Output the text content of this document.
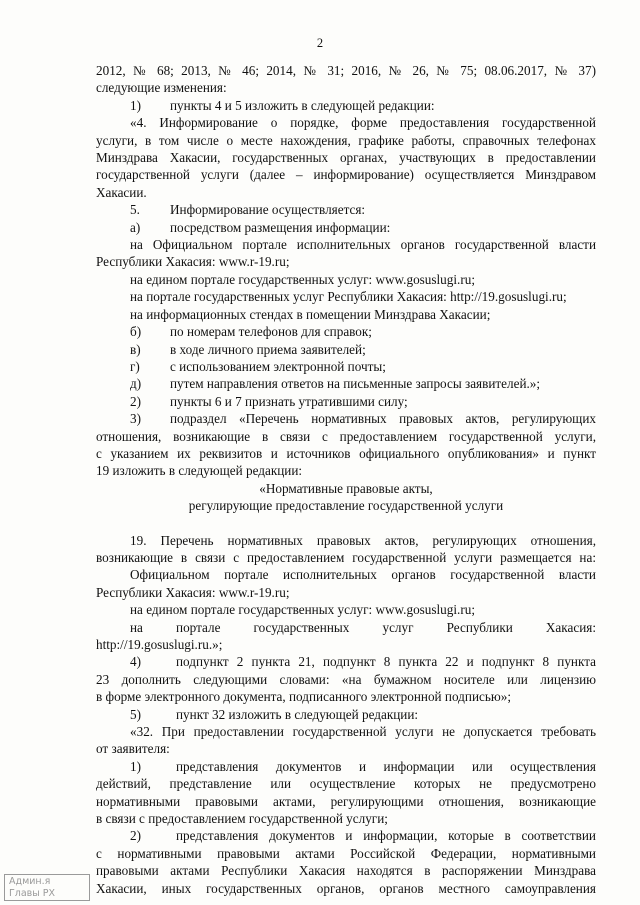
2

2012, № 68; 2013, № 46; 2014, № 31; 2016, № 26, № 75; 08.06.2017, № 37)

следующие изменения:

1)	пункты 4 и 5 изложить в следующей редакции:

«4. Информирование о порядке, форме предоставления государственной

услуги, в том числе о месте нахождения, графике работы, справочных телефонах

Минздрава Хакасии, государственных органах, участвующих в предоставлении

государственной услуги (далее – информирование) осуществляется Минздравом

Хакасии.

5.	Информирование осуществляется:

а)	посредством размещения информации:

на Официальном портале исполнительных органов государственной власти

Республики Хакасия: www.r-19.ru;

на едином портале государственных услуг: www.gosuslugi.ru;

на портале государственных услуг Республики Хакасия: http://19.gosuslugi.ru;

на информационных стендах в помещении Минздрава Хакасии;

б)	по номерам телефонов для справок;

в)	в ходе личного приема заявителей;

г)	с использованием электронной почты;

д)	путем направления ответов на письменные запросы заявителей.»;

2)	пункты 6 и 7 признать утратившими силу;

3)	подраздел «Перечень нормативных правовых актов, регулирующих

отношения, возникающие в связи с предоставлением государственной услуги,

с указанием их реквизитов и источников официального опубликования» и пункт

19 изложить в следующей редакции:

«Нормативные правовые акты,

регулирующие предоставление государственной услуги

19. Перечень нормативных правовых актов, регулирующих отношения,

возникающие в связи с предоставлением государственной услуги размещается на:

Официальном портале исполнительных органов государственной власти

Республики Хакасия: www.r-19.ru;

на едином портале государственных услуг: www.gosuslugi.ru;

на портале государственных услуг Республики Хакасия:

http://19.gosuslugi.ru.»;

4)	подпункт 2 пункта 21, подпункт 8 пункта 22 и подпункт 8 пункта

23 дополнить следующими словами: «на бумажном носителе или лицензию

в форме электронного документа, подписанного электронной подписью»;

5)	пункт 32 изложить в следующей редакции:

«32. При предоставлении государственной услуги не допускается требовать

от заявителя:

1)	представления документов и информации или осуществления

действий, представление или осуществление которых не предусмотрено

нормативными правовыми актами, регулирующими отношения, возникающие

в связи с предоставлением государственной услуги;

2)	представления документов и информации, которые в соответствии

с нормативными правовыми актами Российской Федерации, нормативными

правовыми актами Республики Хакасия находятся в распоряжении Минздрава

Хакасии, иных государственных органов, органов местного самоуправления

Админ.я
Главы РХ
